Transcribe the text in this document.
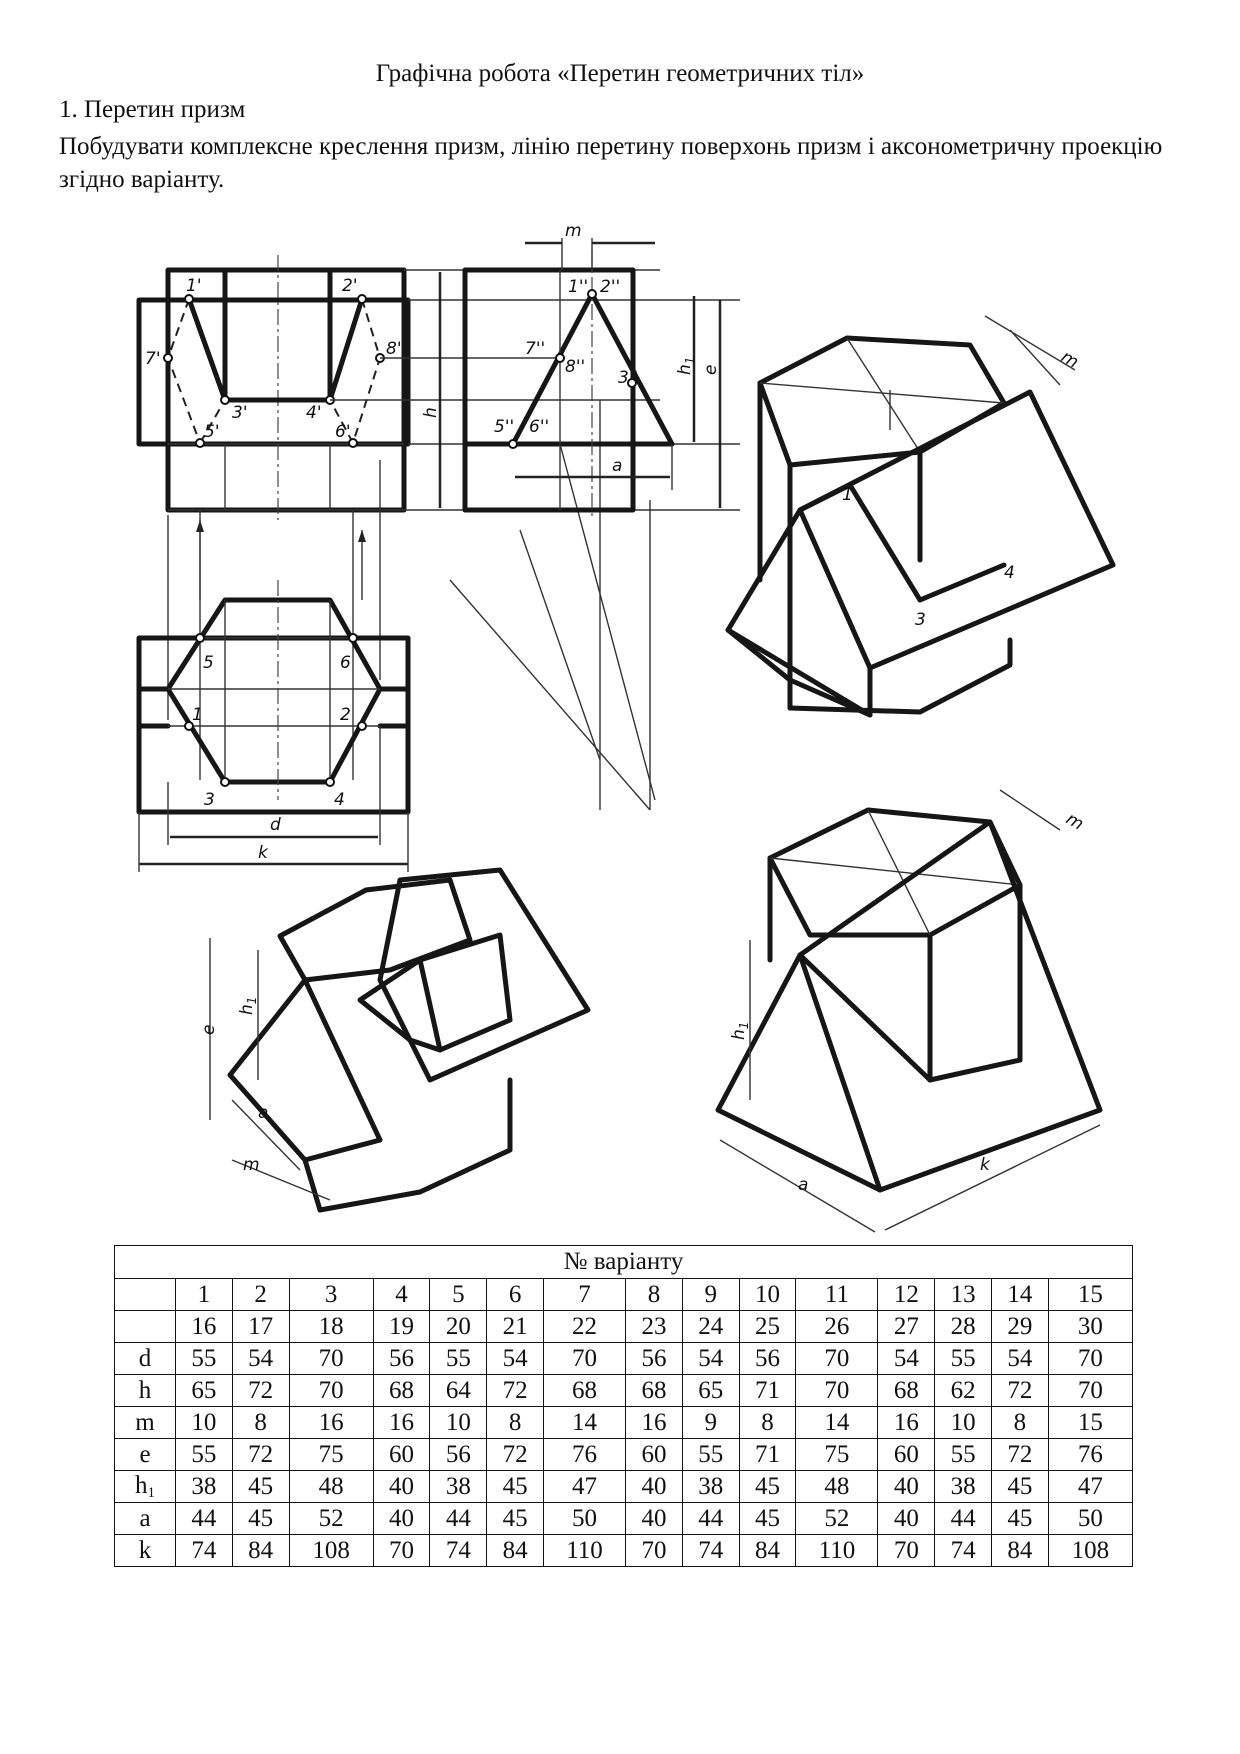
Графічна робота «Перетин геометричних тіл»
1. Перетин призм
Побудувати комплексне креслення призм, лінію перетину поверхонь призм і аксонометричну проекцію згідно варіанту.
1'	2'
7'	8'
3'	4'
5'	6'
1'' 2''
7''
8''
3''
5'' 6''
m
h
$h_1$
e
a
5	6
1	2
3	4
d
k
1
3
4
m
e
$h_1$
a
m
$h_1$
a
k
m
№ варіанту															
	1	2	3	4	5	6	7	8	9	10	11	12	13	14	15
	16	17	18	19	20	21	22	23	24	25	26	27	28	29	30
d	55	54	70	56	55	54	70	56	54	56	70	54	55	54	70
h	65	72	70	68	64	72	68	68	65	71	70	68	62	72	70
m	10	8	16	16	10	8	14	16	9	8	14	16	10	8	15
e	55	72	75	60	56	72	76	60	55	71	75	60	55	72	76
$h_1$	38	45	48	40	38	45	47	40	38	45	48	40	38	45	47
a	44	45	52	40	44	45	50	40	44	45	52	40	44	45	50
k	74	84	108	70	74	84	110	70	74	84	110	70	74	84	108
